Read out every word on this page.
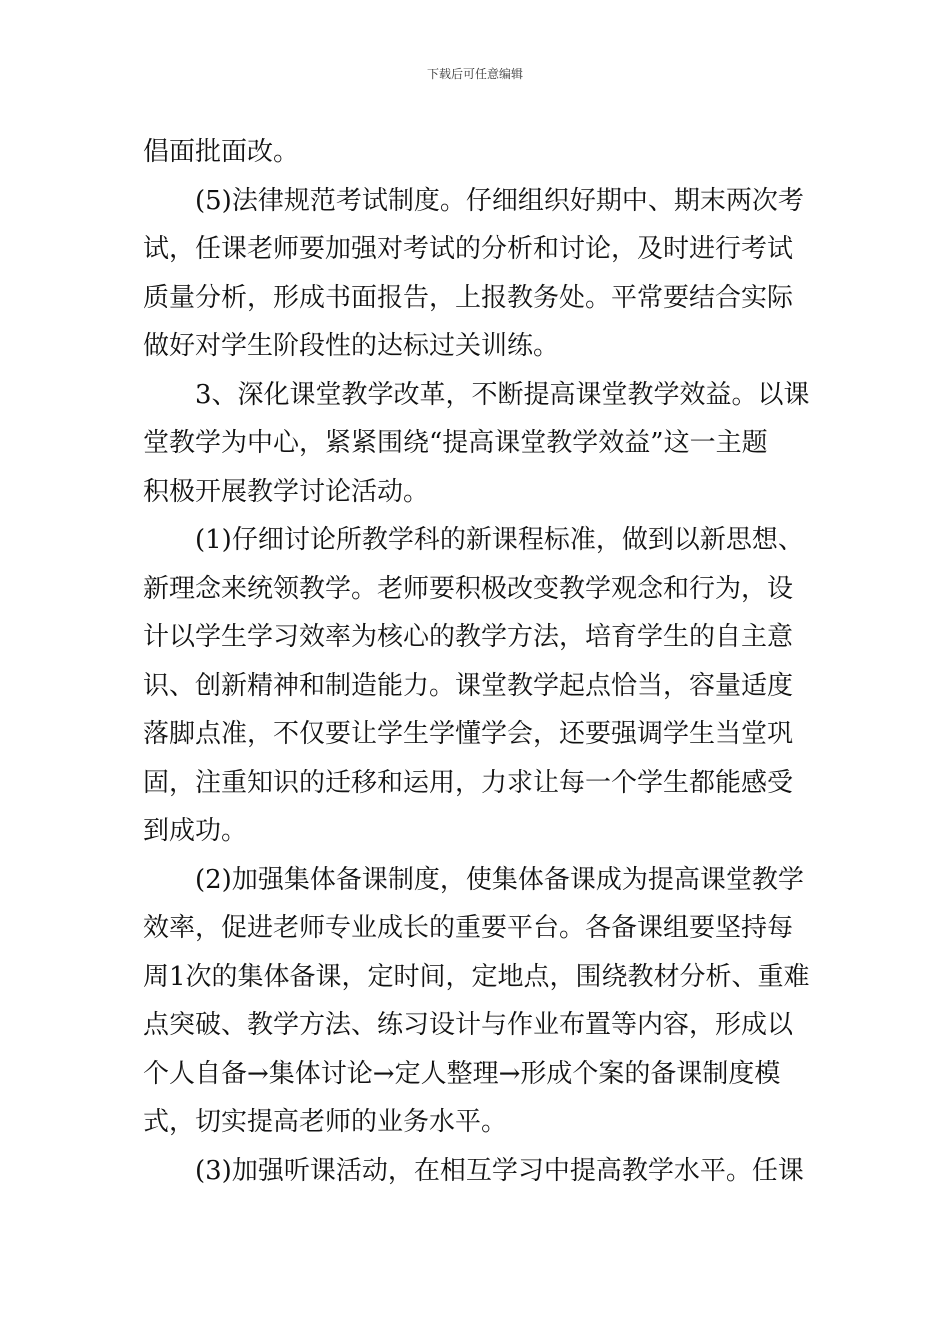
下载后可任意编辑
倡面批面改。
(5)法律规范考试制度。仔细组织好期中、期末两次考
试，任课老师要加强对考试的分析和讨论，及时进行考试
质量分析，形成书面报告，上报教务处。平常要结合实际
做好对学生阶段性的达标过关训练。
3、深化课堂教学改革，不断提高课堂教学效益。以课
堂教学为中心，紧紧围绕“提高课堂教学效益”这一主题
积极开展教学讨论活动。
(1)仔细讨论所教学科的新课程标准，做到以新思想、
新理念来统领教学。老师要积极改变教学观念和行为，设
计以学生学习效率为核心的教学方法，培育学生的自主意
识、创新精神和制造能力。课堂教学起点恰当，容量适度
落脚点准，不仅要让学生学懂学会，还要强调学生当堂巩
固，注重知识的迁移和运用，力求让每一个学生都能感受
到成功。
(2)加强集体备课制度，使集体备课成为提高课堂教学
效率，促进老师专业成长的重要平台。各备课组要坚持每
周1次的集体备课，定时间，定地点，围绕教材分析、重难
点突破、教学方法、练习设计与作业布置等内容，形成以
个人自备→集体讨论→定人整理→形成个案的备课制度模
式，切实提高老师的业务水平。
(3)加强听课活动，在相互学习中提高教学水平。任课
